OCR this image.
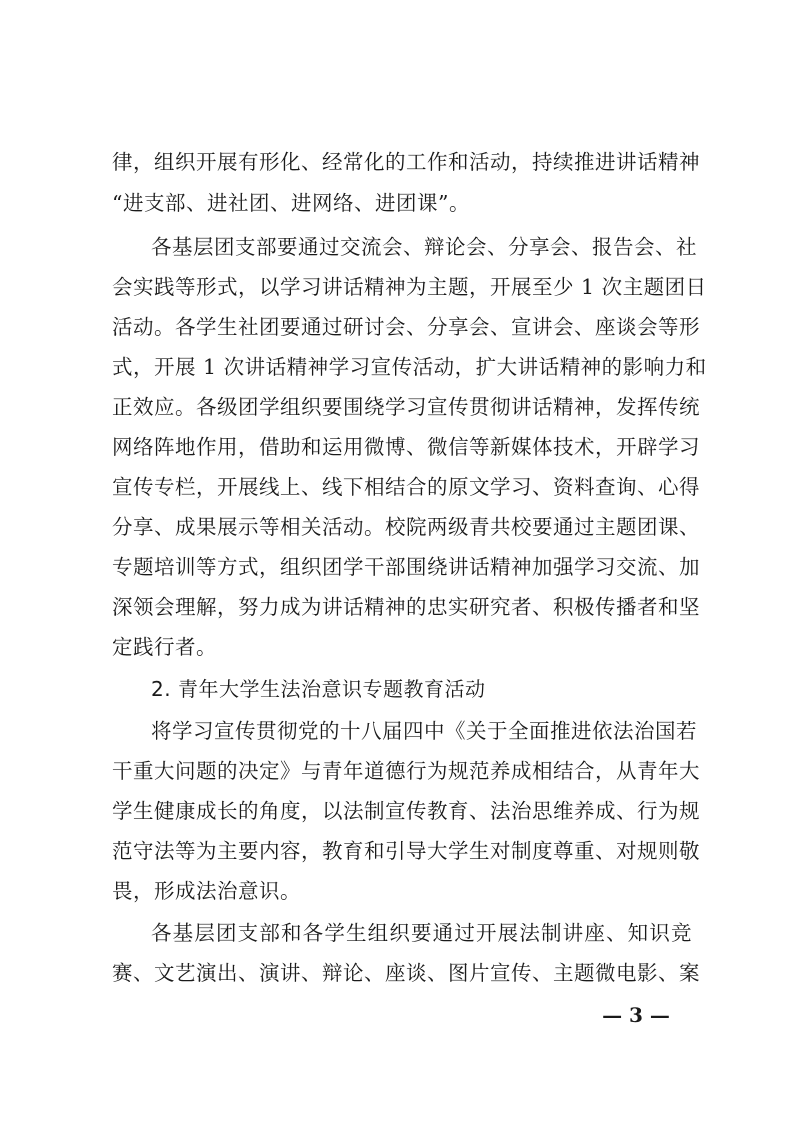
律，组织开展有形化、经常化的工作和活动，持续推进讲话精神
“进支部、进社团、进网络、进团课”。
各基层团支部要通过交流会、辩论会、分享会、报告会、社
会实践等形式，以学习讲话精神为主题，开展至少 1 次主题团日
活动。各学生社团要通过研讨会、分享会、宣讲会、座谈会等形
式，开展 1 次讲话精神学习宣传活动，扩大讲话精神的影响力和
正效应。各级团学组织要围绕学习宣传贯彻讲话精神，发挥传统
网络阵地作用，借助和运用微博、微信等新媒体技术，开辟学习
宣传专栏，开展线上、线下相结合的原文学习、资料查询、心得
分享、成果展示等相关活动。校院两级青共校要通过主题团课、
专题培训等方式，组织团学干部围绕讲话精神加强学习交流、加
深领会理解，努力成为讲话精神的忠实研究者、积极传播者和坚
定践行者。
2. 青年大学生法治意识专题教育活动
将学习宣传贯彻党的十八届四中《关于全面推进依法治国若
干重大问题的决定》与青年道德行为规范养成相结合，从青年大
学生健康成长的角度，以法制宣传教育、法治思维养成、行为规
范守法等为主要内容，教育和引导大学生对制度尊重、对规则敬
畏，形成法治意识。
各基层团支部和各学生组织要通过开展法制讲座、知识竞
赛、文艺演出、演讲、辩论、座谈、图片宣传、主题微电影、案
— 3 —
